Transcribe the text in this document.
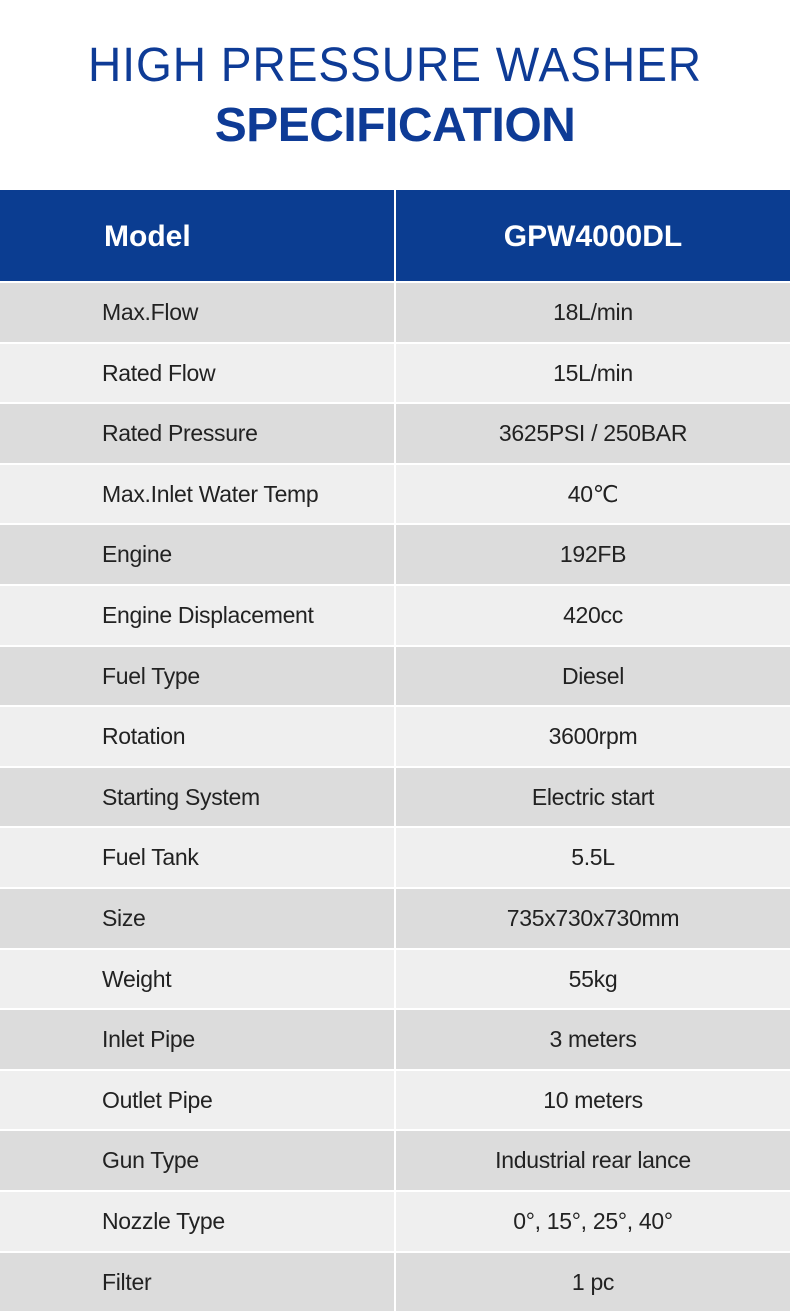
HIGH PRESSURE WASHER
SPECIFICATION
Model	GPW4000DL
Max.Flow	18L/min
Rated Flow	15L/min
Rated Pressure	3625PSI / 250BAR
Max.Inlet Water Temp	40℃
Engine	192FB
Engine Displacement	420cc
Fuel Type	Diesel
Rotation	3600rpm
Starting System	Electric start
Fuel Tank	5.5L
Size	735x730x730mm
Weight	55kg
Inlet Pipe	3 meters
Outlet Pipe	10 meters
Gun Type	Industrial rear lance
Nozzle Type	0°, 15°, 25°, 40°
Filter	1 pc
